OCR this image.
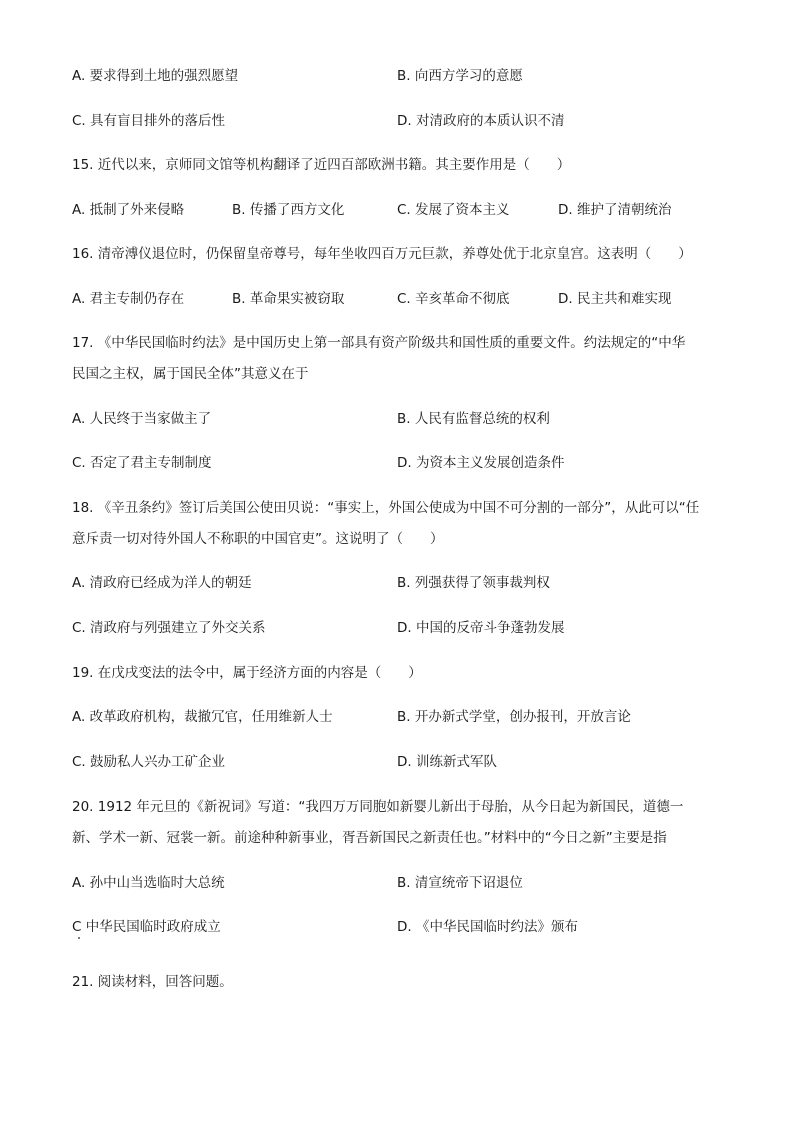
A. 要求得到土地的强烈愿望	B. 向西方学习的意愿
C. 具有盲目排外的落后性	D. 对清政府的本质认识不清
15. 近代以来，京师同文馆等机构翻译了近四百部欧洲书籍。其主要作用是（　　）
A. 抵制了外来侵略	B. 传播了西方文化	C. 发展了资本主义	D. 维护了清朝统治
16. 清帝溥仪退位时，仍保留皇帝尊号，每年坐收四百万元巨款，养尊处优于北京皇宫。这表明（　　）
A. 君主专制仍存在	B. 革命果实被窃取	C. 辛亥革命不彻底	D. 民主共和难实现
17. 《中华民国临时约法》是中国历史上第一部具有资产阶级共和国性质的重要文件。约法规定的“中华
民国之主权，属于国民全体”其意义在于
A. 人民终于当家做主了	B. 人民有监督总统的权利
C. 否定了君主专制制度	D. 为资本主义发展创造条件
18. 《辛丑条约》签订后美国公使田贝说：“事实上，外国公使成为中国不可分割的一部分”，从此可以“任
意斥责一切对待外国人不称职的中国官吏”。这说明了（　　）
A. 清政府已经成为洋人的朝廷	B. 列强获得了领事裁判权
C. 清政府与列强建立了外交关系	D. 中国的反帝斗争蓬勃发展
19. 在戊戌变法的法令中，属于经济方面的内容是（　　）
A. 改革政府机构，裁撤冗官，任用维新人士	B. 开办新式学堂，创办报刊，开放言论
C. 鼓励私人兴办工矿企业	D. 训练新式军队
20. 1912 年元旦的《新祝词》写道：“我四万万同胞如新婴儿新出于母胎，从今日起为新国民，道德一
新、学术一新、冠裳一新。前途种种新事业，胥吾新国民之新责任也。”材料中的“今日之新”主要是指
A. 孙中山当选临时大总统	B. 清宣统帝下诏退位
C 中华民国临时政府成立	D. 《中华民国临时约法》颁布
21. 阅读材料，回答问题。
